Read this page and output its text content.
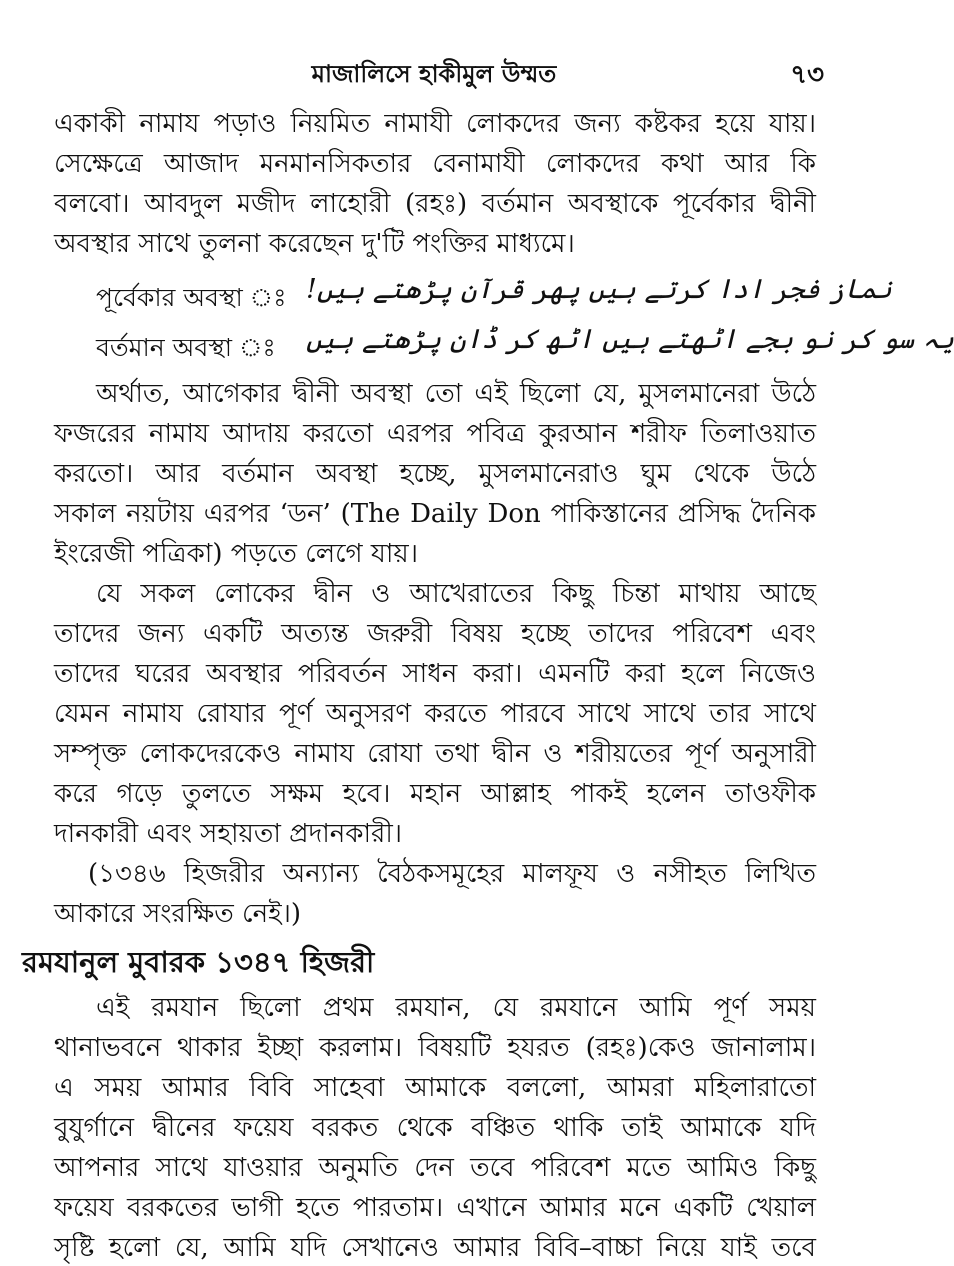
মাজালিসে হাকীমুল উম্মত	৭৩
একাকী নামায পড়াও নিয়মিত নামাযী লোকদের জন্য কষ্টকর হয়ে যায়।
সেক্ষেত্রে আজাদ মনমানসিকতার বেনামাযী লোকদের কথা আর কি
বলবো। আবদুল মজীদ লাহোরী (রহঃ) বর্তমান অবস্থাকে পূর্বেকার দ্বীনী
অবস্থার সাথে তুলনা করেছেন দু'টি পংক্তির মাধ্যমে।
পূর্বেকার অবস্থা ঃ نماز فجر ادا کرتے ہیں پھر قرآن پڑھتے ہیں!
বর্তমান অবস্থা ঃ یہ سو کر نو بجے اٹھتے ہیں اٹھ کر ڈان پڑھتے ہیں
অর্থাত, আগেকার দ্বীনী অবস্থা তো এই ছিলো যে, মুসলমানেরা উঠে
ফজরের নামায আদায় করতো এরপর পবিত্র কুরআন শরীফ তিলাওয়াত
করতো। আর বর্তমান অবস্থা হচ্ছে, মুসলমানেরাও ঘুম থেকে উঠে
সকাল নয়টায় এরপর ‘ডন’ (The Daily Don পাকিস্তানের প্রসিদ্ধ দৈনিক
ইংরেজী পত্রিকা) পড়তে লেগে যায়।
যে সকল লোকের দ্বীন ও আখেরাতের কিছু চিন্তা মাথায় আছে
তাদের জন্য একটি অত্যন্ত জরুরী বিষয় হচ্ছে তাদের পরিবেশ এবং
তাদের ঘরের অবস্থার পরিবর্তন সাধন করা। এমনটি করা হলে নিজেও
যেমন নামায রোযার পূর্ণ অনুসরণ করতে পারবে সাথে সাথে তার সাথে
সম্পৃক্ত লোকদেরকেও নামায রোযা তথা দ্বীন ও শরীয়তের পূর্ণ অনুসারী
করে গড়ে তুলতে সক্ষম হবে। মহান আল্লাহ পাকই হলেন তাওফীক
দানকারী এবং সহায়তা প্রদানকারী।
(১৩৪৬ হিজরীর অন্যান্য বৈঠকসমূহের মালফূয ও নসীহত লিখিত
আকারে সংরক্ষিত নেই।)
রমযানুল মুবারক ১৩৪৭ হিজরী
এই রমযান ছিলো প্রথম রমযান, যে রমযানে আমি পূর্ণ সময়
থানাভবনে থাকার ইচ্ছা করলাম। বিষয়টি হযরত (রহঃ)কেও জানালাম।
এ সময় আমার বিবি সাহেবা আমাকে বললো, আমরা মহিলারাতো
বুযুর্গানে দ্বীনের ফয়েয বরকত থেকে বঞ্চিত থাকি তাই আমাকে যদি
আপনার সাথে যাওয়ার অনুমতি দেন তবে পরিবেশ মতে আমিও কিছু
ফয়েয বরকতের ভাগী হতে পারতাম। এখানে আমার মনে একটি খেয়াল
সৃষ্টি হলো যে, আমি যদি সেখানেও আমার বিবি–বাচ্চা নিয়ে যাই তবে
